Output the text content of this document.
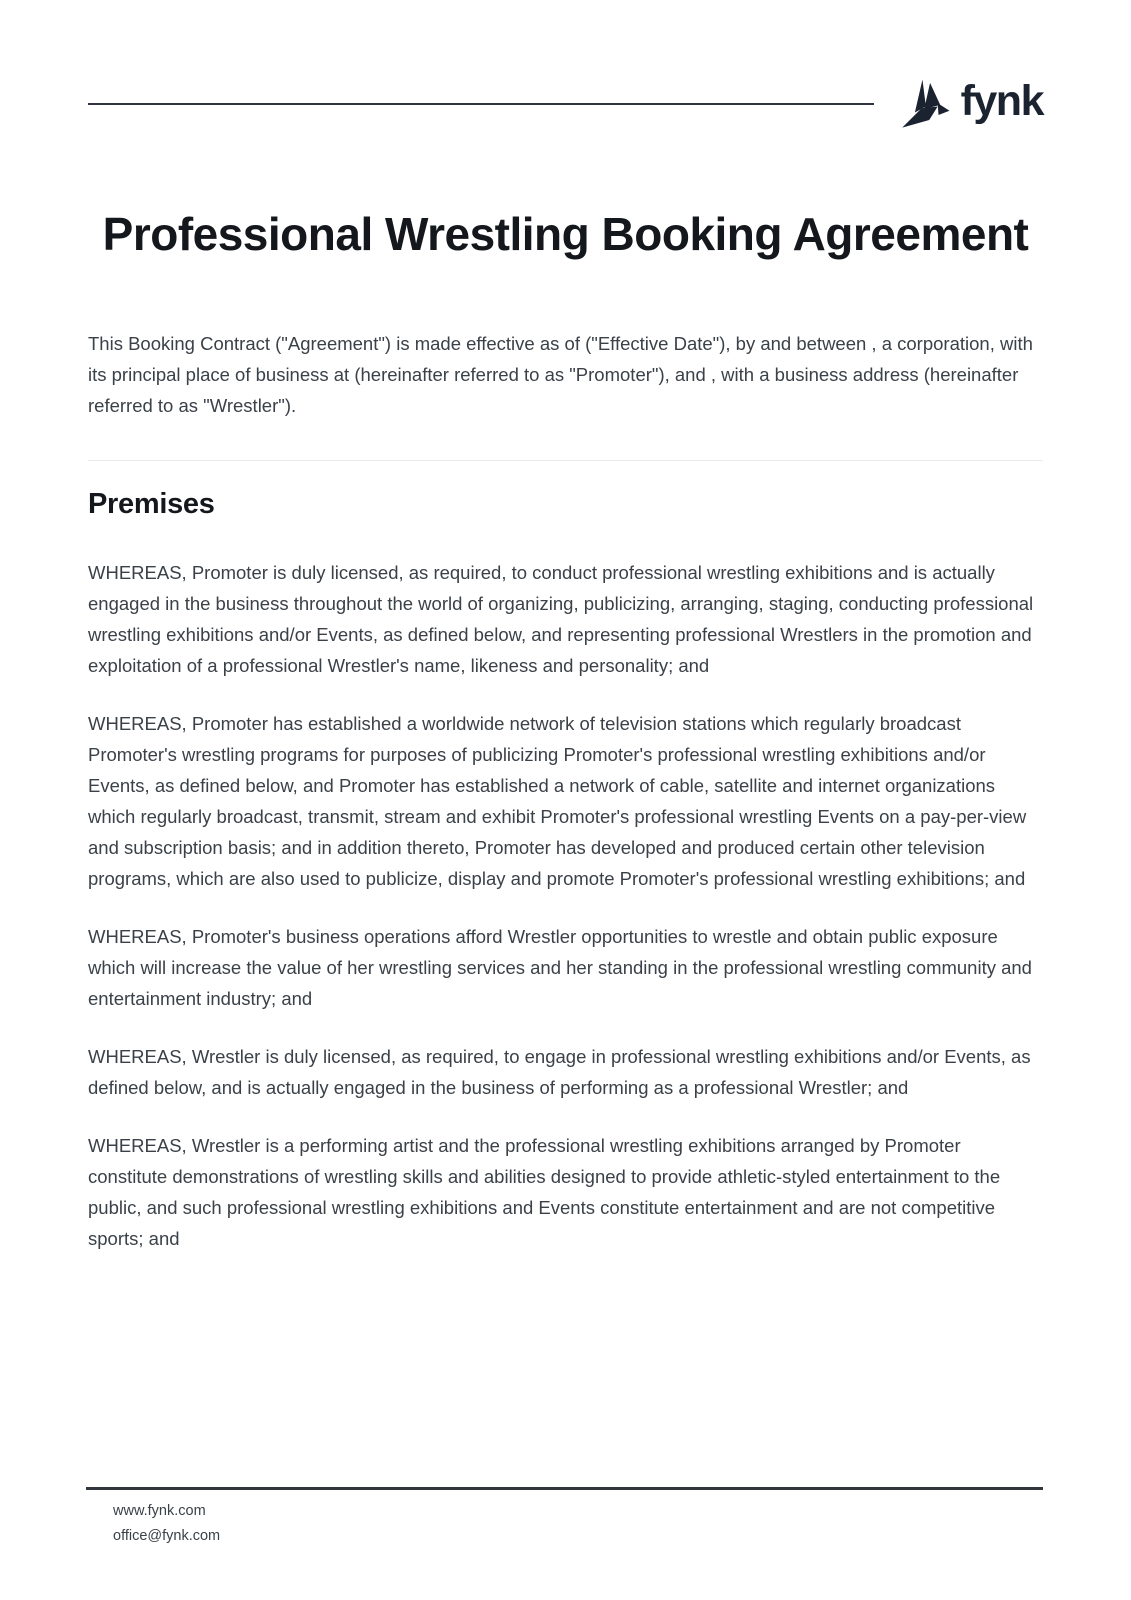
fynk
Professional Wrestling Booking Agreement

This Booking Contract ("Agreement") is made effective as of ("Effective Date"), by and between , a corporation, with its principal place of business at (hereinafter referred to as "Promoter"), and , with a business address (hereinafter referred to as "Wrestler").

Premises

WHEREAS, Promoter is duly licensed, as required, to conduct professional wrestling exhibitions and is actually engaged in the business throughout the world of organizing, publicizing, arranging, staging, conducting professional wrestling exhibitions and/or Events, as defined below, and representing professional Wrestlers in the promotion and exploitation of a professional Wrestler's name, likeness and personality; and

WHEREAS, Promoter has established a worldwide network of television stations which regularly broadcast Promoter's wrestling programs for purposes of publicizing Promoter's professional wrestling exhibitions and/or Events, as defined below, and Promoter has established a network of cable, satellite and internet organizations which regularly broadcast, transmit, stream and exhibit Promoter's professional wrestling Events on a pay-per-view and subscription basis; and in addition thereto, Promoter has developed and produced certain other television programs, which are also used to publicize, display and promote Promoter's professional wrestling exhibitions; and

WHEREAS, Promoter's business operations afford Wrestler opportunities to wrestle and obtain public exposure which will increase the value of her wrestling services and her standing in the professional wrestling community and entertainment industry; and

WHEREAS, Wrestler is duly licensed, as required, to engage in professional wrestling exhibitions and/or Events, as defined below, and is actually engaged in the business of performing as a professional Wrestler; and

WHEREAS, Wrestler is a performing artist and the professional wrestling exhibitions arranged by Promoter constitute demonstrations of wrestling skills and abilities designed to provide athletic-styled entertainment to the public, and such professional wrestling exhibitions and Events constitute entertainment and are not competitive sports; and

www.fynk.com
office@fynk.com
